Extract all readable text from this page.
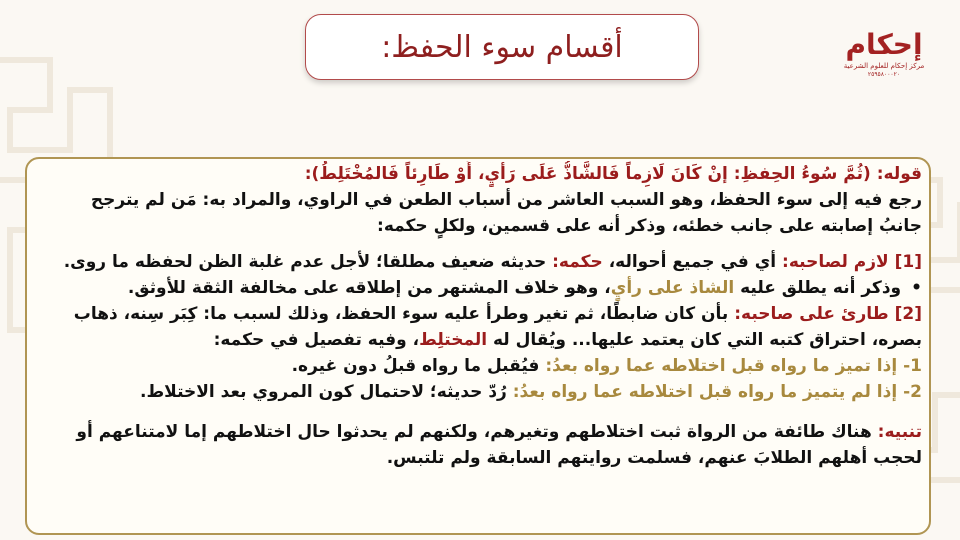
أقسام سوء الحفظ:	إحكام
مركز إحكام للعلوم الشرعية
٢٥٩٥٨٠٠٠٢٠
قوله: (ثُمَّ سُوءُ الحِفظِ: إنْ كَانَ لَازِماً فَالشَّاذُّ عَلَى رَأْيٍ، أَوْ طَارِئاً فَالمُخْتَلِطُ):
رجع فيه إلى سوء الحفظ، وهو السبب العاشر من أسباب الطعن في الراوي، والمراد به: مَن لم يترجح
جانبُ إصابته على جانب خطئه، وذكر أنه على قسمين، ولكلٍ حكمه:
[1] لازم لصاحبه: أي في جميع أحواله، حكمه: حديثه ضعيف مطلقا؛ لأجل عدم غلبة الظن لحفظه ما روى.
•وذكر أنه يطلق عليه الشاذ على رأيٍ، وهو خلاف المشتهر من إطلاقه على مخالفة الثقة للأوثق.
[2] طارئ على صاحبه: بأن كان ضابطًا، ثم تغير وطرأ عليه سوء الحفظ، وذلك لسبب ما: كِبَر سِنه، ذهاب
بصره، احتراق كتبه التي كان يعتمد عليها... ويُقال له المختلِط، وفيه تفصيل في حكمه:
1- إذا تميز ما رواه قبل اختلاطه عما رواه بعدُ: فيُقبل ما رواه قبلُ دون غيره.
2- إذا لم يتميز ما رواه قبل اختلاطه عما رواه بعدُ: رُدّ حديثه؛ لاحتمال كون المروي بعد الاختلاط.
تنبيه: هناك طائفة من الرواة ثبت اختلاطهم وتغيرهم، ولكنهم لم يحدثوا حال اختلاطهم إما لامتناعهم أو
لحجب أهلهم الطلابَ عنهم، فسلمت روايتهم السابقة ولم تلتبس.
